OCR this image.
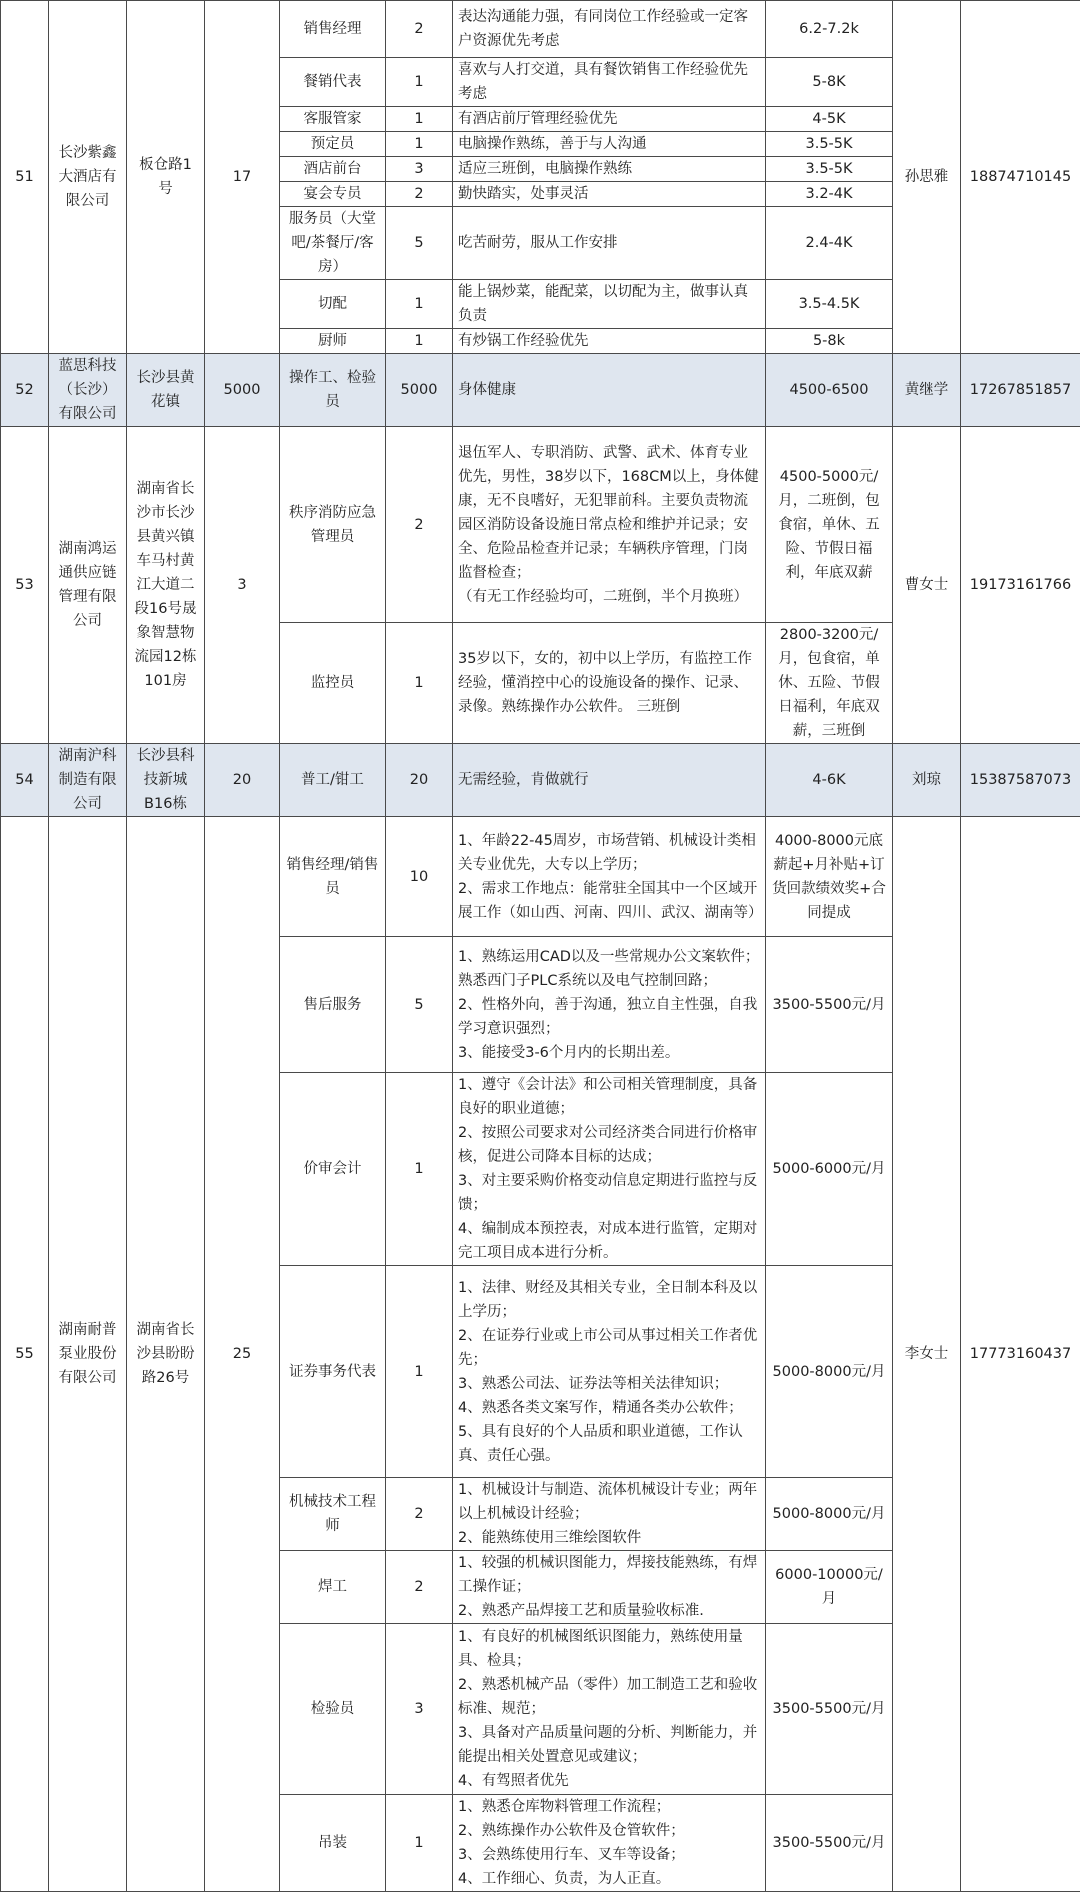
51	长沙紫鑫大酒店有限公司	板仓路1号	17	销售经理	2	表达沟通能力强，有同岗位工作经验或一定客户资源优先考虑	6.2-7.2k	孙思雅	18874710145
				餐销代表	1	喜欢与人打交道，具有餐饮销售工作经验优先考虑	5-8K		
				客服管家	1	有酒店前厅管理经验优先	4-5K		
				预定员	1	电脑操作熟练，善于与人沟通	3.5-5K		
				酒店前台	3	适应三班倒，电脑操作熟练	3.5-5K		
				宴会专员	2	勤快踏实，处事灵活	3.2-4K		
				服务员（大堂吧/茶餐厅/客房）	5	吃苦耐劳，服从工作安排	2.4-4K		
				切配	1	能上锅炒菜，能配菜，以切配为主，做事认真负责	3.5-4.5K		
				厨师	1	有炒锅工作经验优先	5-8k		
52	蓝思科技（长沙）有限公司	长沙县黄花镇	5000	操作工、检验员	5000	身体健康	4500-6500	黄继学	17267851857
53	湖南鸿运通供应链管理有限公司	湖南省长沙市长沙县黄兴镇车马村黄江大道二段16号晟象智慧物流园12栋101房	3	秩序消防应急管理员	2	退伍军人、专职消防、武警、武术、体育专业优先，男性，38岁以下，168CM以上，身体健康，无不良嗜好，无犯罪前科。主要负责物流园区消防设备设施日常点检和维护并记录；安全、危险品检查并记录；车辆秩序管理，门岗监督检查；
（有无工作经验均可，二班倒，半个月换班）	4500-5000元/月，二班倒，包食宿，单休、五险、节假日福利，年底双薪	曹女士	19173161766
				监控员	1	35岁以下，女的，初中以上学历，有监控工作经验，懂消控中心的设施设备的操作、记录、录像。熟练操作办公软件。 三班倒	2800-3200元/月，包食宿，单休、五险、节假日福利，年底双薪，三班倒		
54	湖南沪科制造有限公司	长沙县科技新城B16栋	20	普工/钳工	20	无需经验，肯做就行	4-6K	刘琼	15387587073
55	湖南耐普泵业股份有限公司	湖南省长沙县盼盼路26号	25	销售经理/销售员	10	1、年龄22-45周岁，市场营销、机械设计类相关专业优先，大专以上学历；
2、需求工作地点：能常驻全国其中一个区域开展工作（如山西、河南、四川、武汉、湖南等）	4000-8000元底薪起+月补贴+订货回款绩效奖+合同提成	李女士	17773160437
				售后服务	5	1、熟练运用CAD以及一些常规办公文案软件；熟悉西门子PLC系统以及电气控制回路；
2、性格外向，善于沟通，独立自主性强，自我学习意识强烈；
3、能接受3-6个月内的长期出差。	3500-5500元/月		
				价审会计	1	1、遵守《会计法》和公司相关管理制度，具备良好的职业道德；
2、按照公司要求对公司经济类合同进行价格审核，促进公司降本目标的达成；
3、对主要采购价格变动信息定期进行监控与反馈；
4、编制成本预控表，对成本进行监管，定期对完工项目成本进行分析。	5000-6000元/月		
				证券事务代表	1	1、法律、财经及其相关专业，全日制本科及以上学历；
2、在证券行业或上市公司从事过相关工作者优先；
3、熟悉公司法、证券法等相关法律知识；
4、熟悉各类文案写作，精通各类办公软件；
5、具有良好的个人品质和职业道德，工作认真、责任心强。	5000-8000元/月		
				机械技术工程师	2	1、机械设计与制造、流体机械设计专业；两年以上机械设计经验；
2、能熟练使用三维绘图软件	5000-8000元/月		
				焊工	2	1、较强的机械识图能力，焊接技能熟练，有焊工操作证；
2、熟悉产品焊接工艺和质量验收标准.	6000-10000元/月		
				检验员	3	1、有良好的机械图纸识图能力，熟练使用量具、检具；
2、熟悉机械产品（零件）加工制造工艺和验收标准、规范；
3、具备对产品质量问题的分析、判断能力，并能提出相关处置意见或建议；
4、有驾照者优先	3500-5500元/月		
				吊装	1	1、熟悉仓库物料管理工作流程；
2、熟练操作办公软件及仓管软件；
3、会熟练使用行车、叉车等设备；
4、工作细心、负责，为人正直。	3500-5500元/月		
